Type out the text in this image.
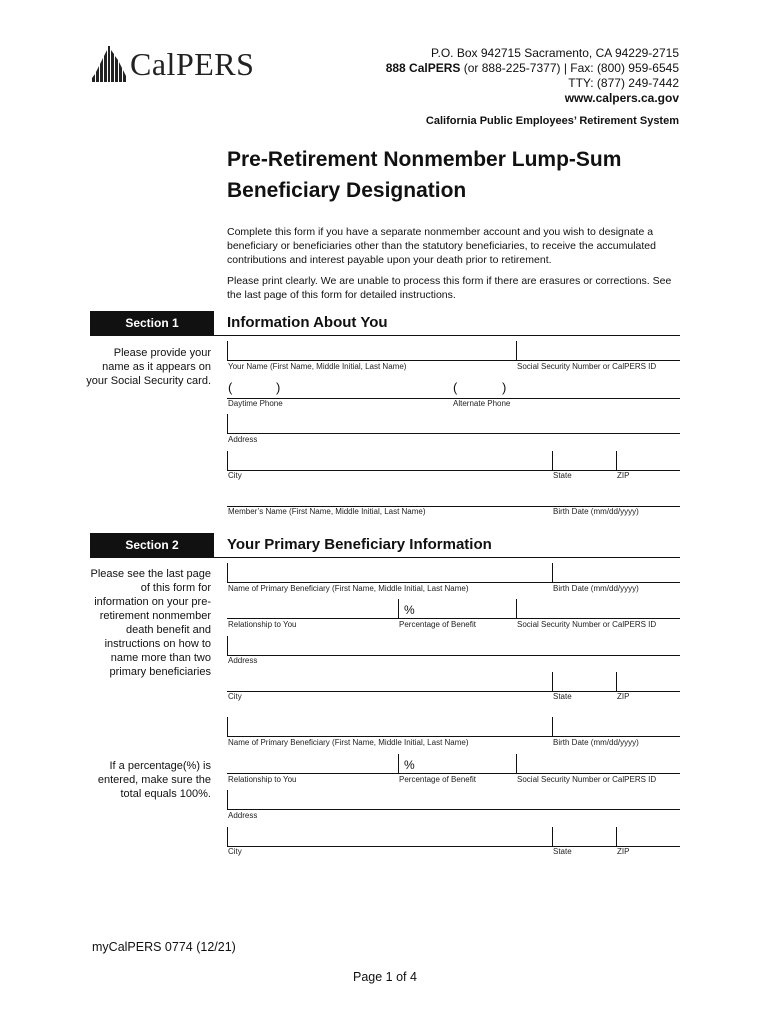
CalPERS	P.O. Box 942715 Sacramento, CA 94229-2715
888 CalPERS (or 888-225-7377) | Fax: (800) 959-6545
TTY: (877) 249-7442
www.calpers.ca.gov
California Public Employees’ Retirement System
Pre-Retirement Nonmember Lump-Sum
Beneficiary Designation

Complete this form if you have a separate nonmember account and you wish to designate a beneficiary or beneficiaries other than the statutory beneficiaries, to receive the accumulated contributions and interest payable upon your death prior to retirement.

Please print clearly. We are unable to process this form if there are erasures or corrections. See the last page of this form for detailed instructions.

Section 1	Information About You
Please provide your name as it appears on your Social Security card.
Your Name (First Name, Middle Initial, Last Name)	Social Security Number or CalPERS ID
(	)	(	)
Daytime Phone	Alternate Phone
Address
City	State	ZIP
Member’s Name (First Name, Middle Initial, Last Name)	Birth Date (mm/dd/yyyy)
Section 2	Your Primary Beneficiary Information
Please see the last page of this form for information on your pre-retirement nonmember death benefit and instructions on how to name more than two primary beneficiaries
If a percentage(%) is entered, make sure the total equals 100%.
Name of Primary Beneficiary (First Name, Middle Initial, Last Name)	Birth Date (mm/dd/yyyy)
%
Relationship to You	Percentage of Benefit	Social Security Number or CalPERS ID
Address
City	State	ZIP
Name of Primary Beneficiary (First Name, Middle Initial, Last Name)	Birth Date (mm/dd/yyyy)
%
Relationship to You	Percentage of Benefit	Social Security Number or CalPERS ID
Address
City	State	ZIP
myCalPERS 0774 (12/21)
Page 1 of 4
